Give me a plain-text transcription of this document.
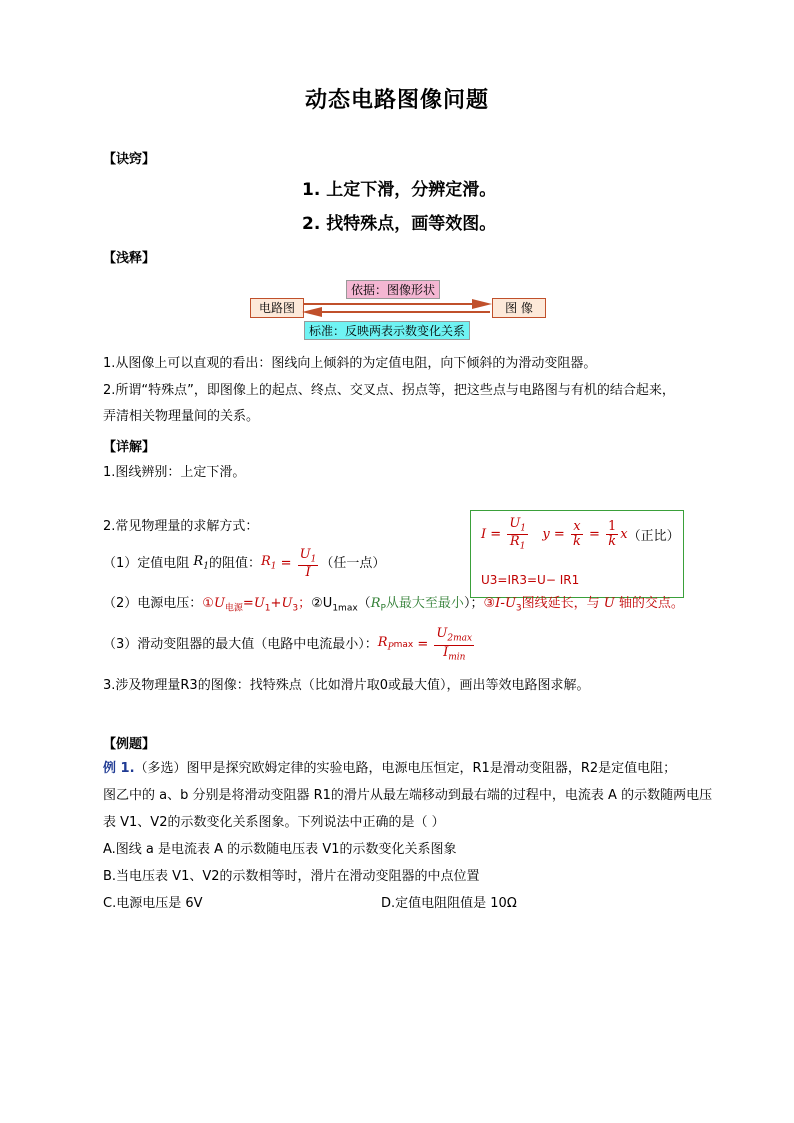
动态电路图像问题
【诀窍】
1. 上定下滑，分辨定滑。
2. 找特殊点，画等效图。
【浅释】
依据：图像形状
电路图	图 像
标准：反映两表示数变化关系
1.从图像上可以直观的看出：图线向上倾斜的为定值电阻，向下倾斜的为滑动变阻器。
2.所谓“特殊点”，即图像上的起点、终点、交叉点、拐点等，把这些点与电路图与有机的结合起来，
弄清相关物理量间的关系。
【详解】
1.图线辨别：上定下滑。
2.常见物理量的求解方式：
$I = \frac{U_1}{R_1}$
$y = \frac{x}{k} = \frac{1}{k}$ x （正比）
U3=IR3=U− IR1
（1）定值电阻 $R_1$ 的阻值： $R_1 = \frac{U_1}{I}$ （任一点）
（2）电源电压：$①U_{电源}=U_1+U_3$；$②U_{1max}(R_P$从最大至最小）；$③I-U_3$图线延长，与 U 轴的交点。
（3）滑动变阻器的最大值（电路中电流最小）： $R_P$ $\max = \frac{U_{2max}}{I_{min}}$
3.涉及物理量R3的图像：找特殊点（比如滑片取0或最大值），画出等效电路图求解。
【例题】
例 1.（多选）图甲是探究欧姆定律的实验电路，电源电压恒定，R1是滑动变阻器，R2是定值电阻；
图乙中的 a、b 分别是将滑动变阻器 R1的滑片从最左端移动到最右端的过程中，电流表 A 的示数随两电压
表 V1、V2的示数变化关系图象。下列说法中正确的是（ ）
A.图线 a 是电流表 A 的示数随电压表 V1的示数变化关系图象
B.当电压表 V1、V2的示数相等时，滑片在滑动变阻器的中点位置
C.电源电压是 6V	D.定值电阻阻值是 10Ω
